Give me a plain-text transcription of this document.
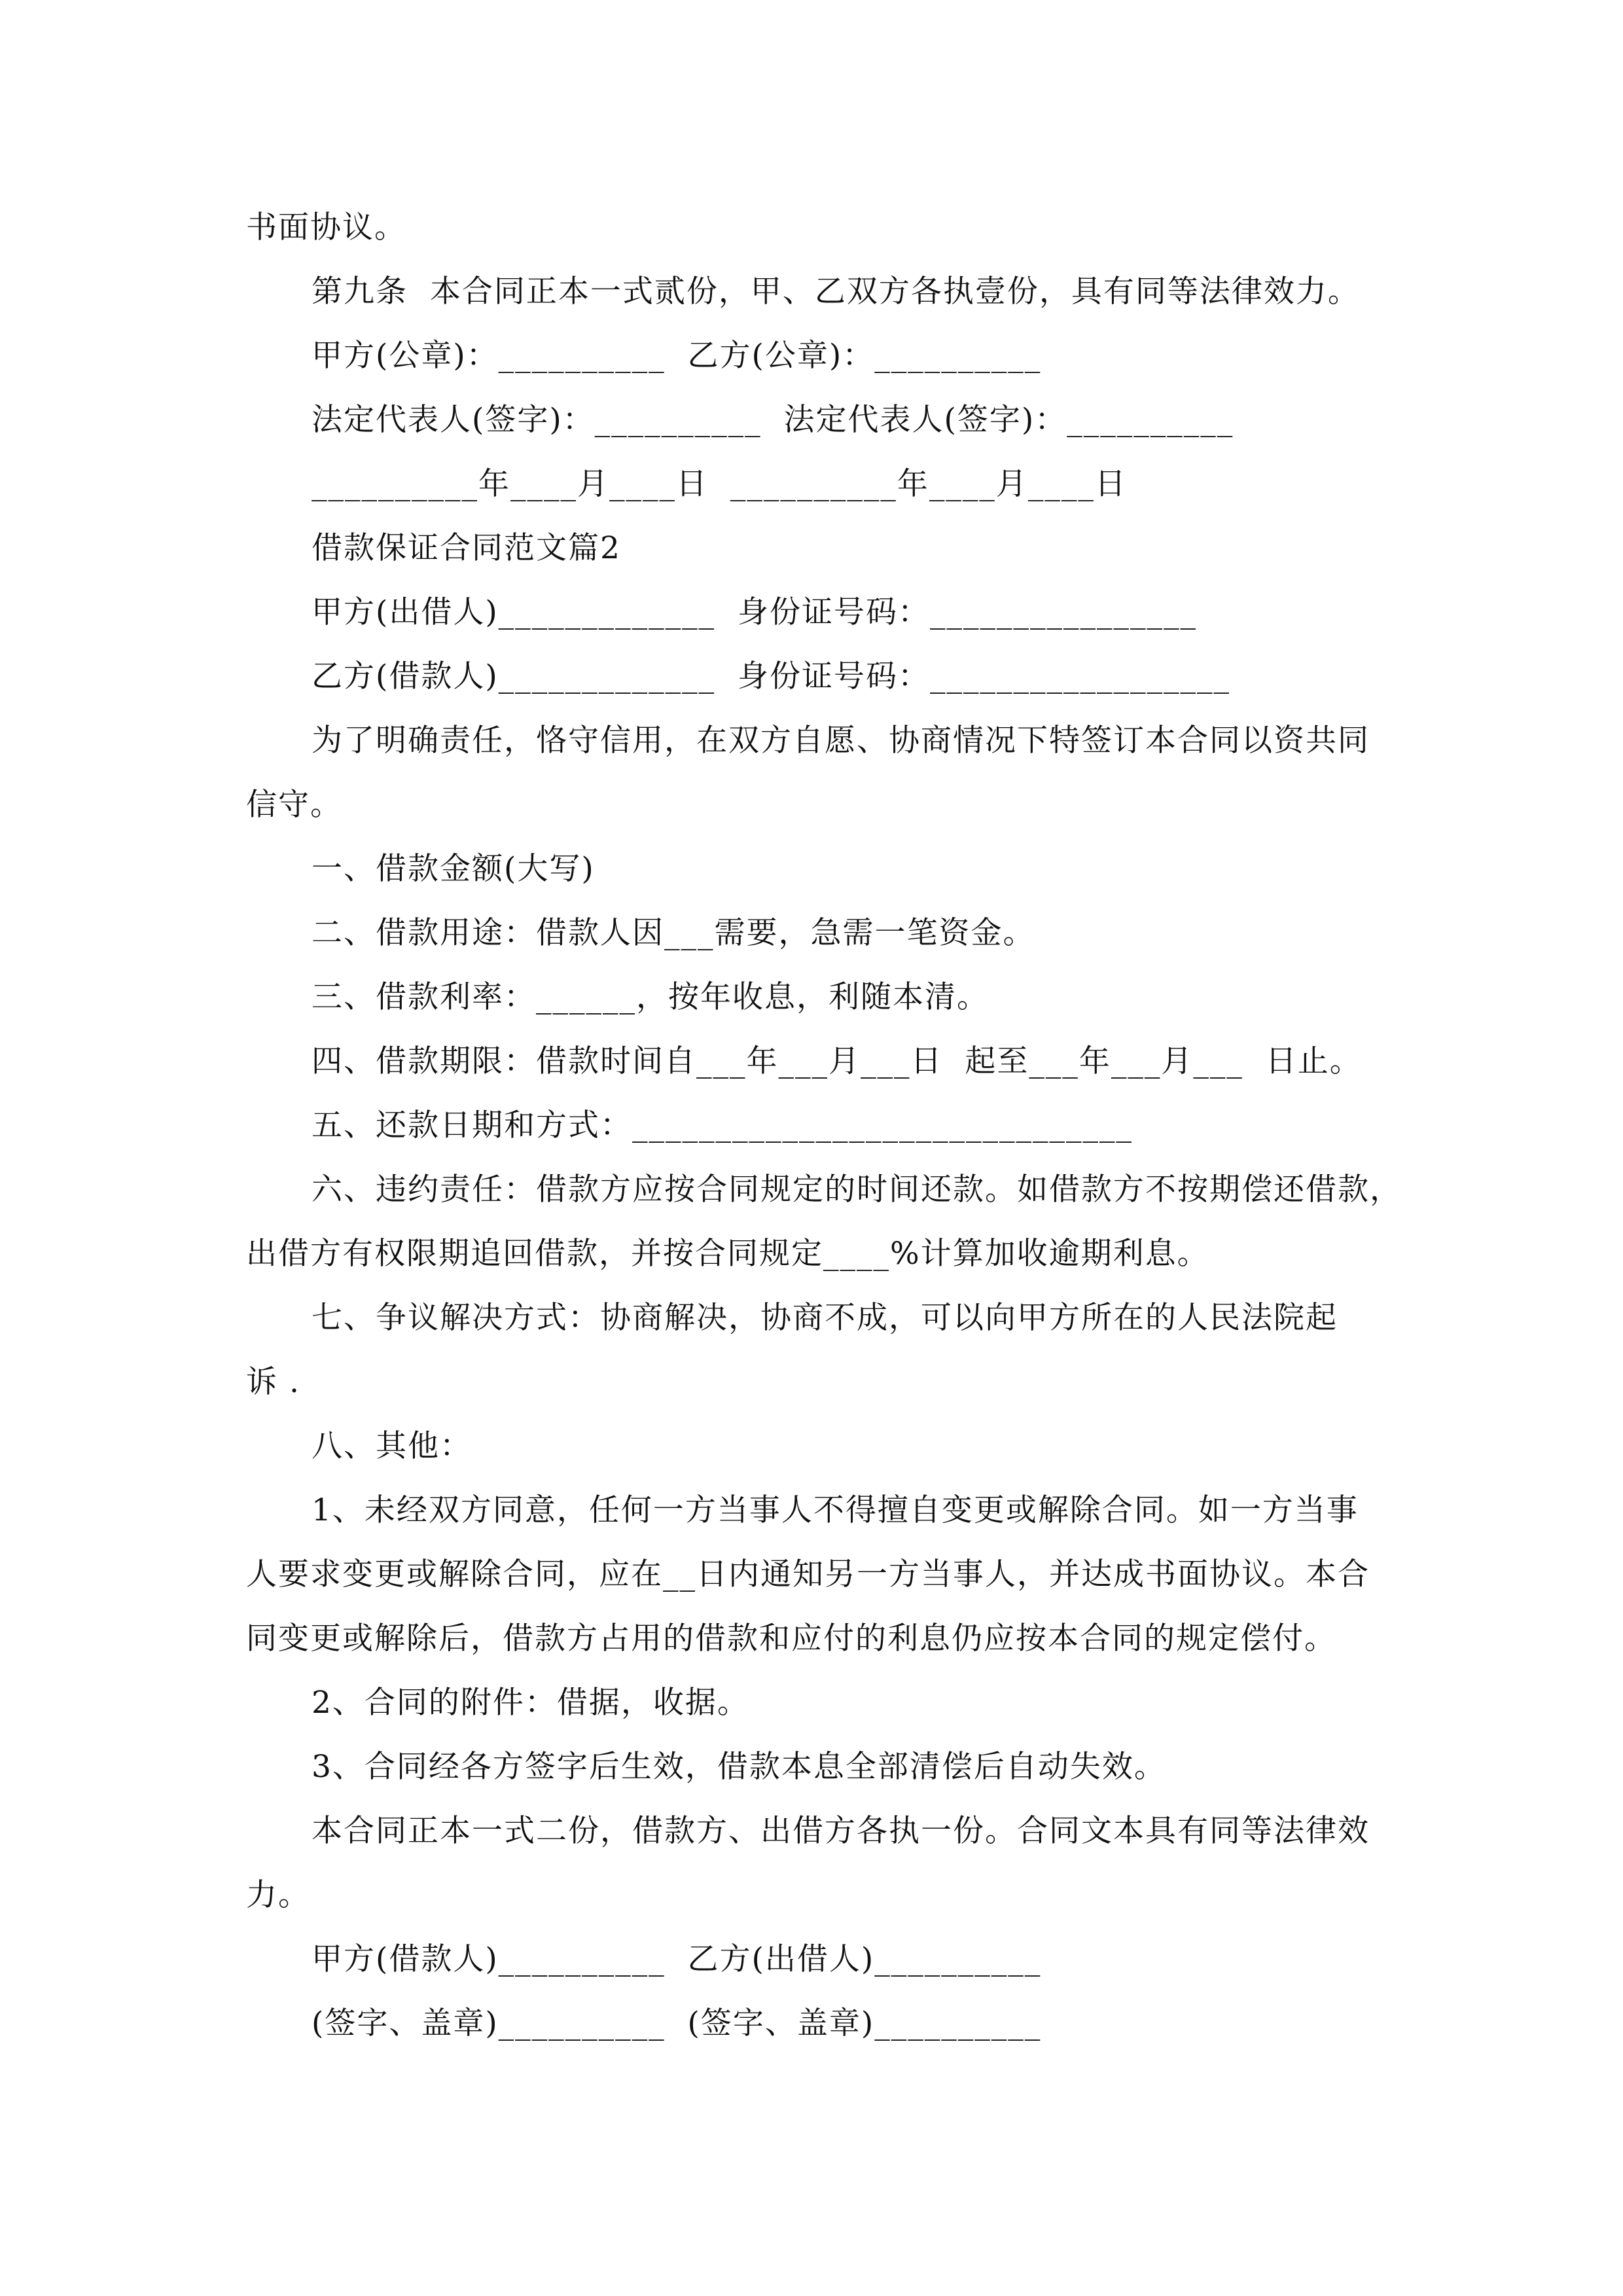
书面协议。

第九条  本合同正本一式贰份，甲、乙双方各执壹份，具有同等法律效力。

甲方(公章)：__________  乙方(公章)：__________

法定代表人(签字)：__________  法定代表人(签字)：__________

__________年____月____日  __________年____月____日

借款保证合同范文篇2

甲方(出借人)_____________  身份证号码：________________

乙方(借款人)_____________  身份证号码：__________________

为了明确责任，恪守信用，在双方自愿、协商情况下特签订本合同以资共同

信守。

一、借款金额(大写)

二、借款用途：借款人因___需要，急需一笔资金。

三、借款利率：______，按年收息，利随本清。

四、借款期限：借款时间自___年___月___日  起至___年___月___  日止。

五、还款日期和方式：______________________________

六、违约责任：借款方应按合同规定的时间还款。如借款方不按期偿还借款，

出借方有权限期追回借款，并按合同规定____%计算加收逾期利息。

七、争议解决方式：协商解决，协商不成，可以向甲方所在的人民法院起

诉 .

八、其他：

1、未经双方同意，任何一方当事人不得擅自变更或解除合同。如一方当事

人要求变更或解除合同，应在__日内通知另一方当事人，并达成书面协议。本合

同变更或解除后，借款方占用的借款和应付的利息仍应按本合同的规定偿付。

2、合同的附件：借据，收据。

3、合同经各方签字后生效，借款本息全部清偿后自动失效。

本合同正本一式二份，借款方、出借方各执一份。合同文本具有同等法律效

力。

甲方(借款人)__________  乙方(出借人)__________

(签字、盖章)__________  (签字、盖章)__________
